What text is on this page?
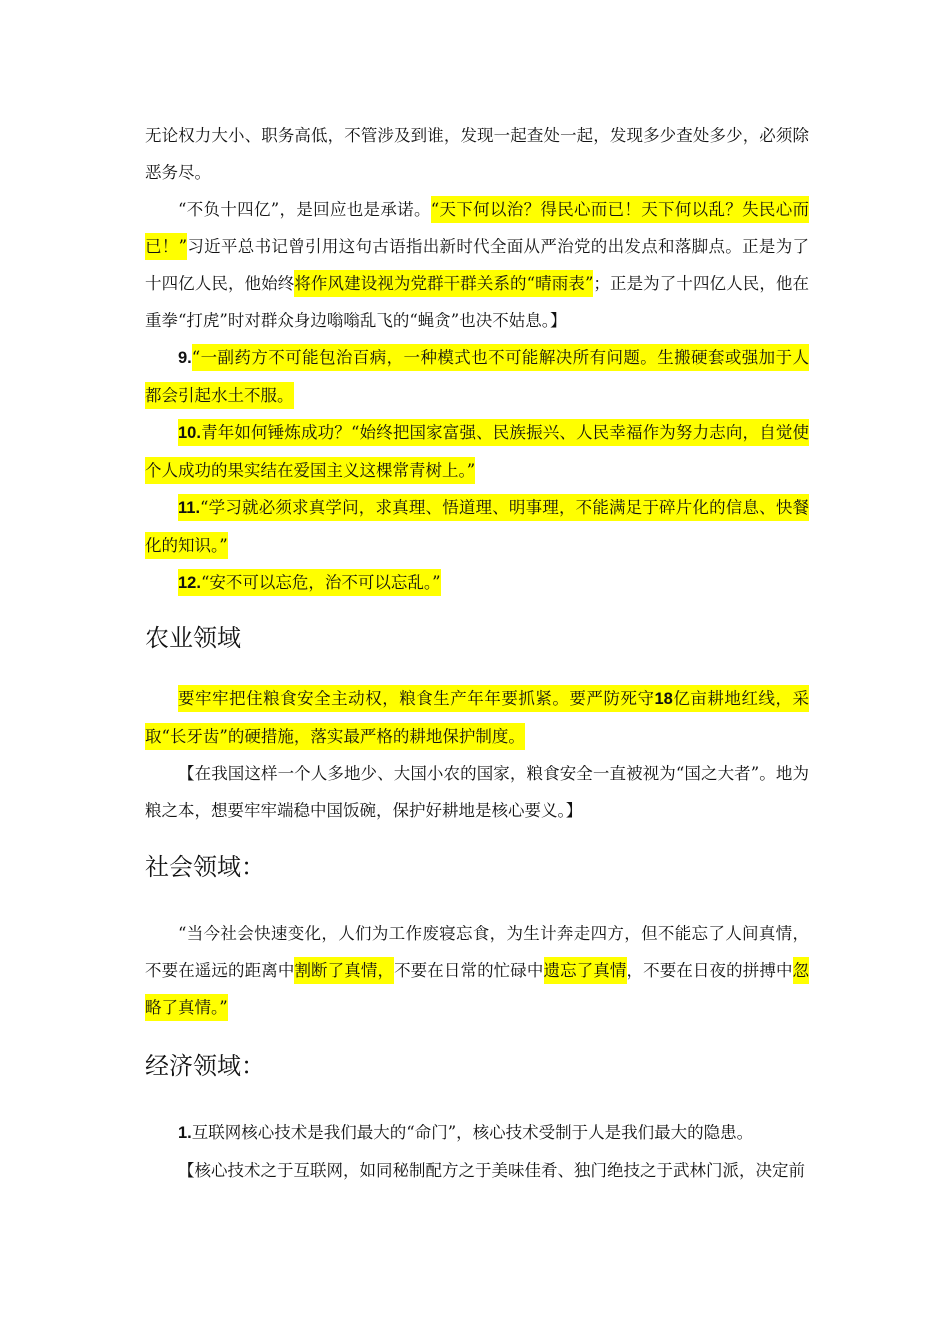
无论权力大小、职务高低，不管涉及到谁，发现一起查处一起，发现多少查处多少，必须除恶务尽。

“不负十四亿”，是回应也是承诺。“天下何以治？得民心而已！天下何以乱？失民心而已！”习近平总书记曾引用这句古语指出新时代全面从严治党的出发点和落脚点。正是为了十四亿人民，他始终将作风建设视为党群干群关系的“晴雨表”；正是为了十四亿人民，他在重拳“打虎”时对群众身边嗡嗡乱飞的“蝇贪”也决不姑息。】

9.“一副药方不可能包治百病，一种模式也不可能解决所有问题。生搬硬套或强加于人都会引起水土不服。

10.青年如何锤炼成功？“始终把国家富强、民族振兴、人民幸福作为努力志向，自觉使个人成功的果实结在爱国主义这棵常青树上。”

11.“学习就必须求真学问，求真理、悟道理、明事理，不能满足于碎片化的信息、快餐化的知识。”

12.“安不可以忘危，治不可以忘乱。”

农业领域

要牢牢把住粮食安全主动权，粮食生产年年要抓紧。要严防死守18亿亩耕地红线，采取“长牙齿”的硬措施，落实最严格的耕地保护制度。

【在我国这样一个人多地少、大国小农的国家，粮食安全一直被视为“国之大者”。地为粮之本，想要牢牢端稳中国饭碗，保护好耕地是核心要义。】

社会领域：

“当今社会快速变化，人们为工作废寝忘食，为生计奔走四方，但不能忘了人间真情，不要在遥远的距离中割断了真情，不要在日常的忙碌中遗忘了真情，不要在日夜的拼搏中忽略了真情。”

经济领域：

1.互联网核心技术是我们最大的“命门”，核心技术受制于人是我们最大的隐患。

【核心技术之于互联网，如同秘制配方之于美味佳肴、独门绝技之于武林门派，决定前
